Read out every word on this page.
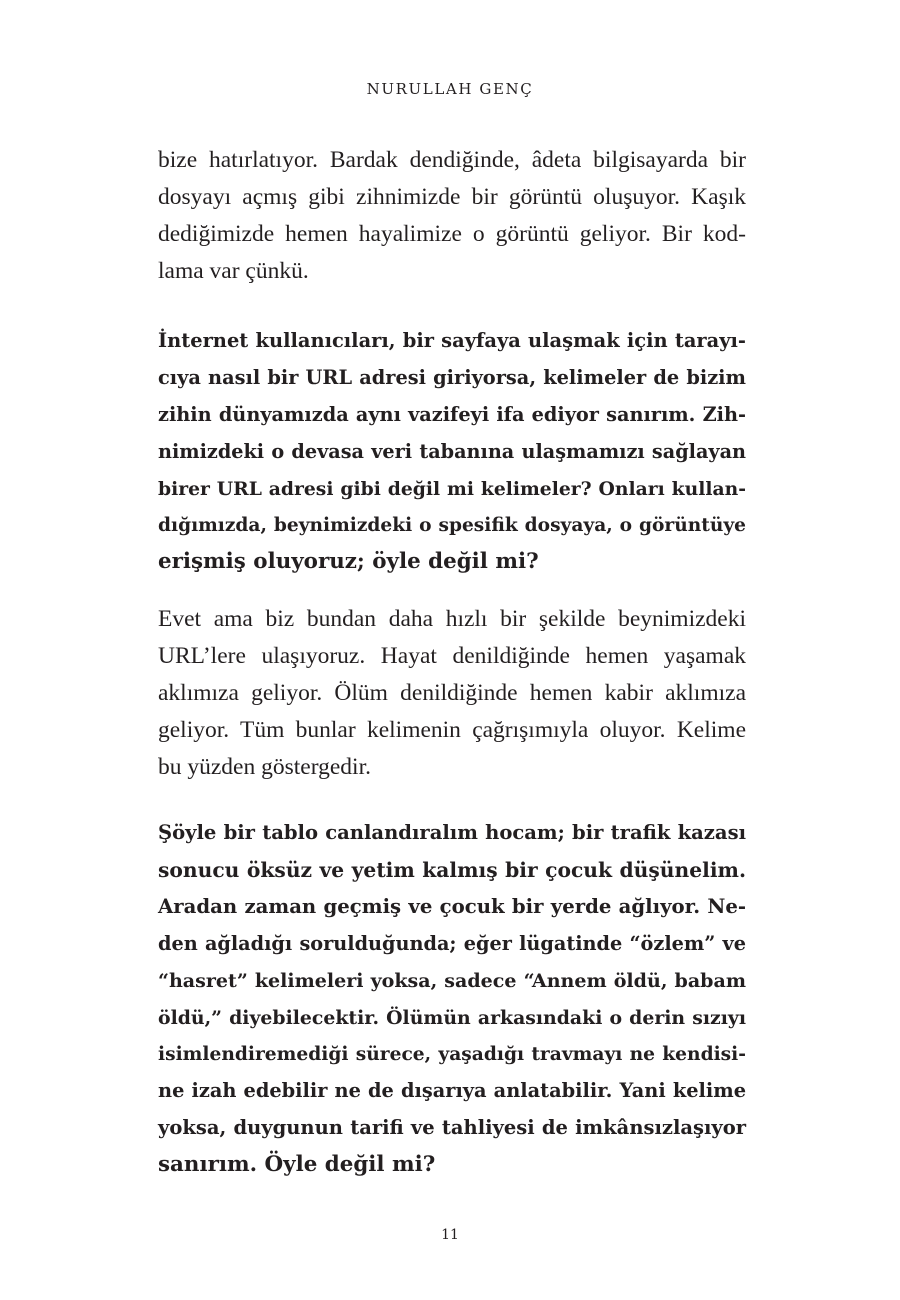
NURULLAH GENÇ

bize hatırlatıyor. Bardak dendiğinde, âdeta bilgisayarda bir
dosyayı açmış gibi zihnimizde bir görüntü oluşuyor. Kaşık
dediğimizde hemen hayalimize o görüntü geliyor. Bir kod-
lama var çünkü.

İnternet kullanıcıları, bir sayfaya ulaşmak için tarayı-
cıya nasıl bir URL adresi giriyorsa, kelimeler de bizim
zihin dünyamızda aynı vazifeyi ifa ediyor sanırım. Zih-
nimizdeki o devasa veri tabanına ulaşmamızı sağlayan
birer URL adresi gibi değil mi kelimeler? Onları kullan-
dığımızda, beynimizdeki o spesifik dosyaya, o görüntüye
erişmiş oluyoruz; öyle değil mi?

Evet ama biz bundan daha hızlı bir şekilde beynimizdeki
URL’lere ulaşıyoruz. Hayat denildiğinde hemen yaşamak
aklımıza geliyor. Ölüm denildiğinde hemen kabir aklımıza
geliyor. Tüm bunlar kelimenin çağrışımıyla oluyor. Kelime
bu yüzden göstergedir.

Şöyle bir tablo canlandıralım hocam; bir trafik kazası
sonucu öksüz ve yetim kalmış bir çocuk düşünelim.
Aradan zaman geçmiş ve çocuk bir yerde ağlıyor. Ne-
den ağladığı sorulduğunda; eğer lügatinde “özlem” ve
“hasret” kelimeleri yoksa, sadece “Annem öldü, babam
öldü,” diyebilecektir. Ölümün arkasındaki o derin sızıyı
isimlendiremediği sürece, yaşadığı travmayı ne kendisi-
ne izah edebilir ne de dışarıya anlatabilir. Yani kelime
yoksa, duygunun tarifi ve tahliyesi de imkânsızlaşıyor
sanırım. Öyle değil mi?

11
